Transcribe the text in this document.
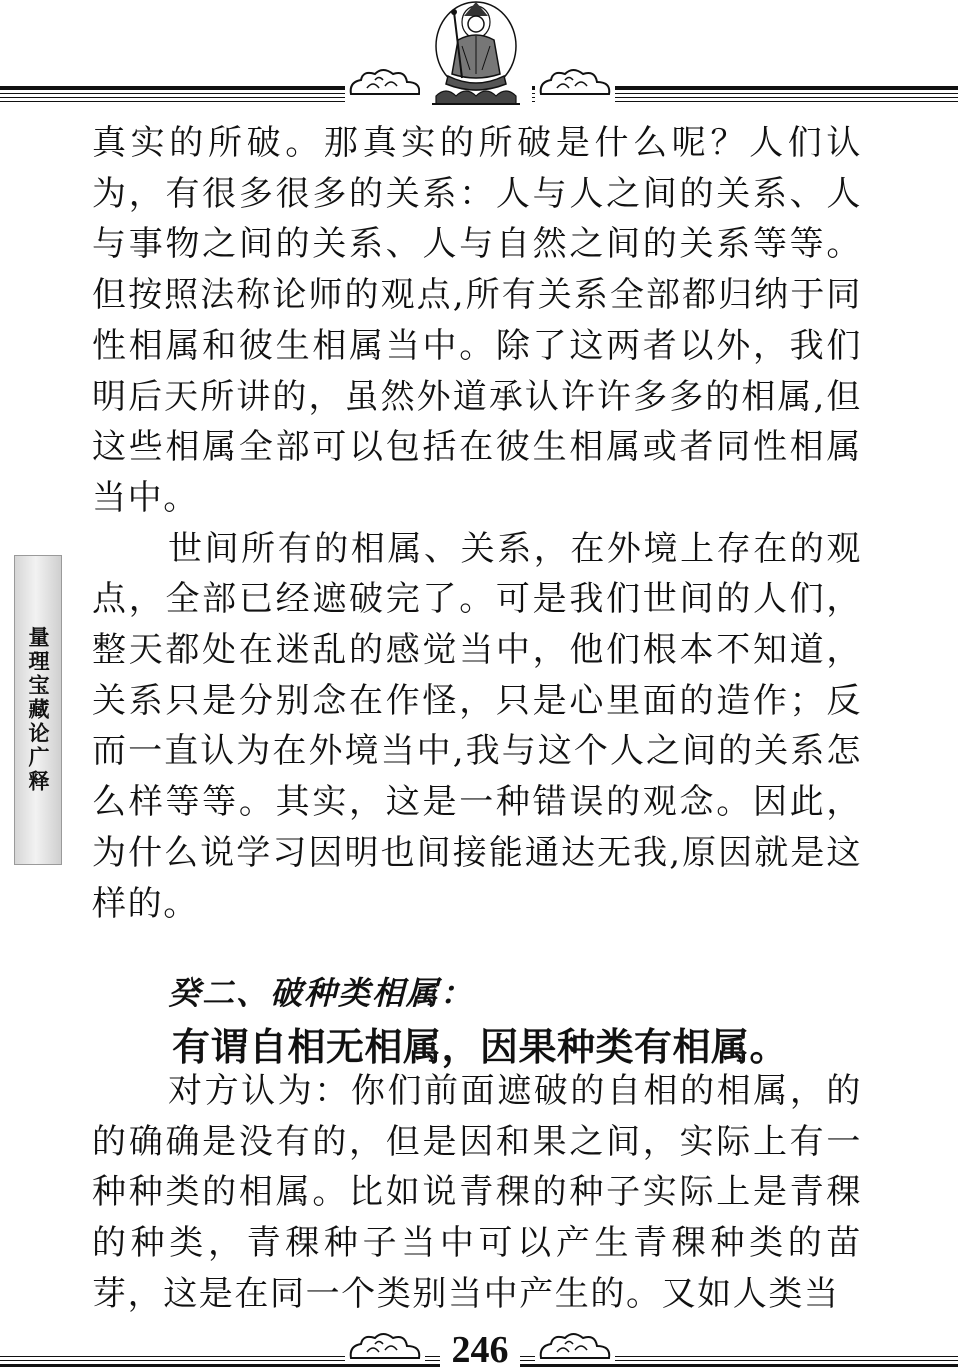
量理宝藏论广释

真实的所破。那真实的所破是什么呢？人们认为，有很多很多的关系：人与人之间的关系、人与事物之间的关系、人与自然之间的关系等等。但按照法称论师的观点,所有关系全部都归纳于同性相属和彼生相属当中。除了这两者以外，我们明后天所讲的，虽然外道承认许许多多的相属,但这些相属全部可以包括在彼生相属或者同性相属当中。

世间所有的相属、关系，在外境上存在的观点，全部已经遮破完了。可是我们世间的人们，整天都处在迷乱的感觉当中，他们根本不知道，关系只是分别念在作怪，只是心里面的造作；反而一直认为在外境当中,我与这个人之间的关系怎么样等等。其实，这是一种错误的观念。因此，为什么说学习因明也间接能通达无我,原因就是这样的。

癸二、破种类相属：
有谓自相无相属，因果种类有相属。

对方认为：你们前面遮破的自相的相属，的的确确是没有的，但是因和果之间，实际上有一种种类的相属。比如说青稞的种子实际上是青稞的种类，青稞种子当中可以产生青稞种类的苗芽，这是在同一个类别当中产生的。又如人类当

246
